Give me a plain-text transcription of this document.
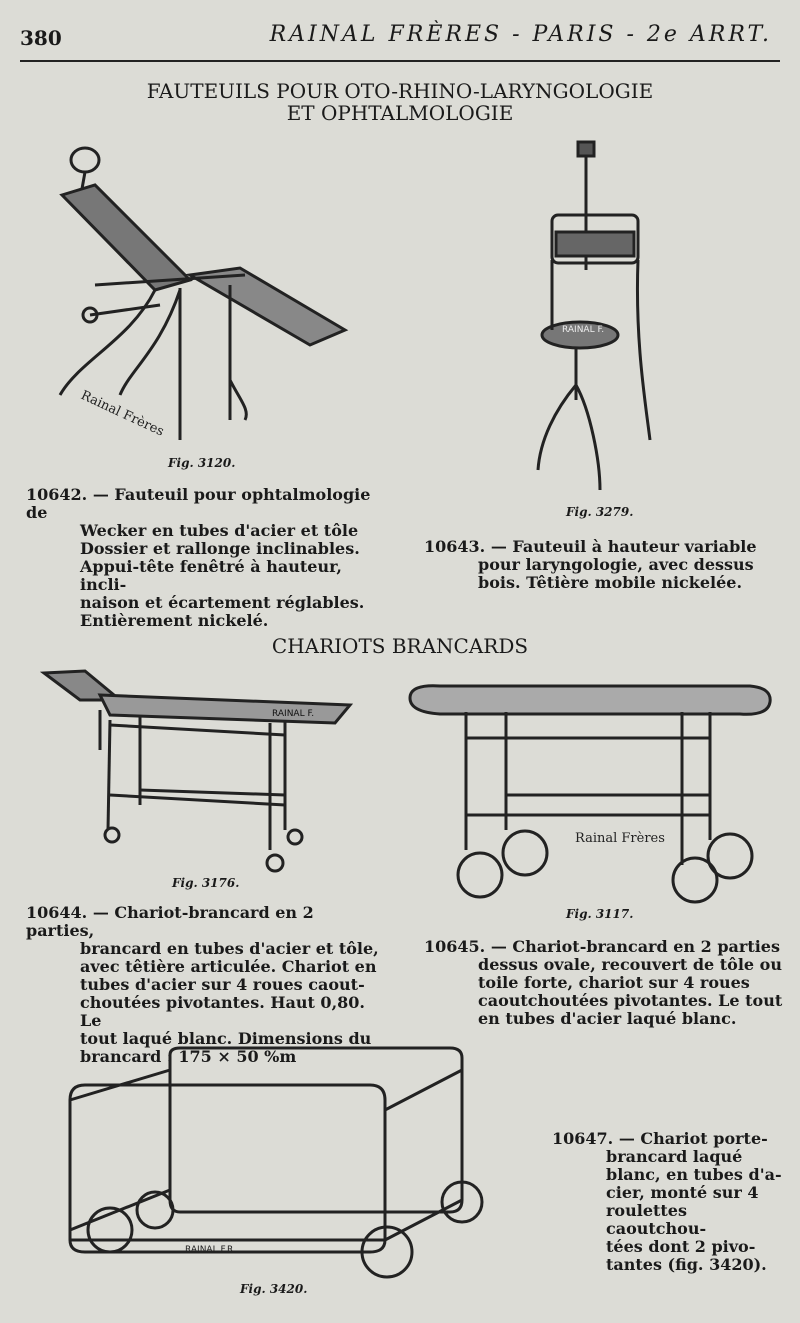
380	RAINAL FRÈRES - PARIS - 2e ARRT.
FAUTEUILS POUR OTO-RHINO-LARYNGOLOGIE
ET OPHTALMOLOGIE
Rainal Frères
Fig. 3120.
RAINAL F.
Fig. 3279.
10642. — Fauteuil pour ophtalmologie de
Wecker en tubes d'acier et tôle
Dossier et rallonge inclinables.
Appui-tête fenêtré à hauteur, incli-
naison et écartement réglables.
Entièrement nickelé.
10643. — Fauteuil à hauteur variable
pour laryngologie, avec dessus
bois. Têtière mobile nickelée.
CHARIOTS BRANCARDS
RAINAL F.
Fig. 3176.
Rainal Frères
Fig. 3117.
10644. — Chariot-brancard en 2 parties,
brancard en tubes d'acier et tôle,
avec têtière articulée. Chariot en
tubes d'acier sur 4 roues caout-
choutées pivotantes. Haut 0,80. Le
tout laqué blanc. Dimensions du
brancard : 175 × 50 %m
10645. — Chariot-brancard en 2 parties
dessus ovale, recouvert de tôle ou
toile forte, chariot sur 4 roues
caoutchoutées pivotantes. Le tout
en tubes d'acier laqué blanc.
RAINAL F.R.
Fig. 3420.
10647. — Chariot porte-
brancard laqué
blanc, en tubes d'a-
cier, monté sur 4
roulettes caoutchou-
tées dont 2 pivo-
tantes (fig. 3420).
